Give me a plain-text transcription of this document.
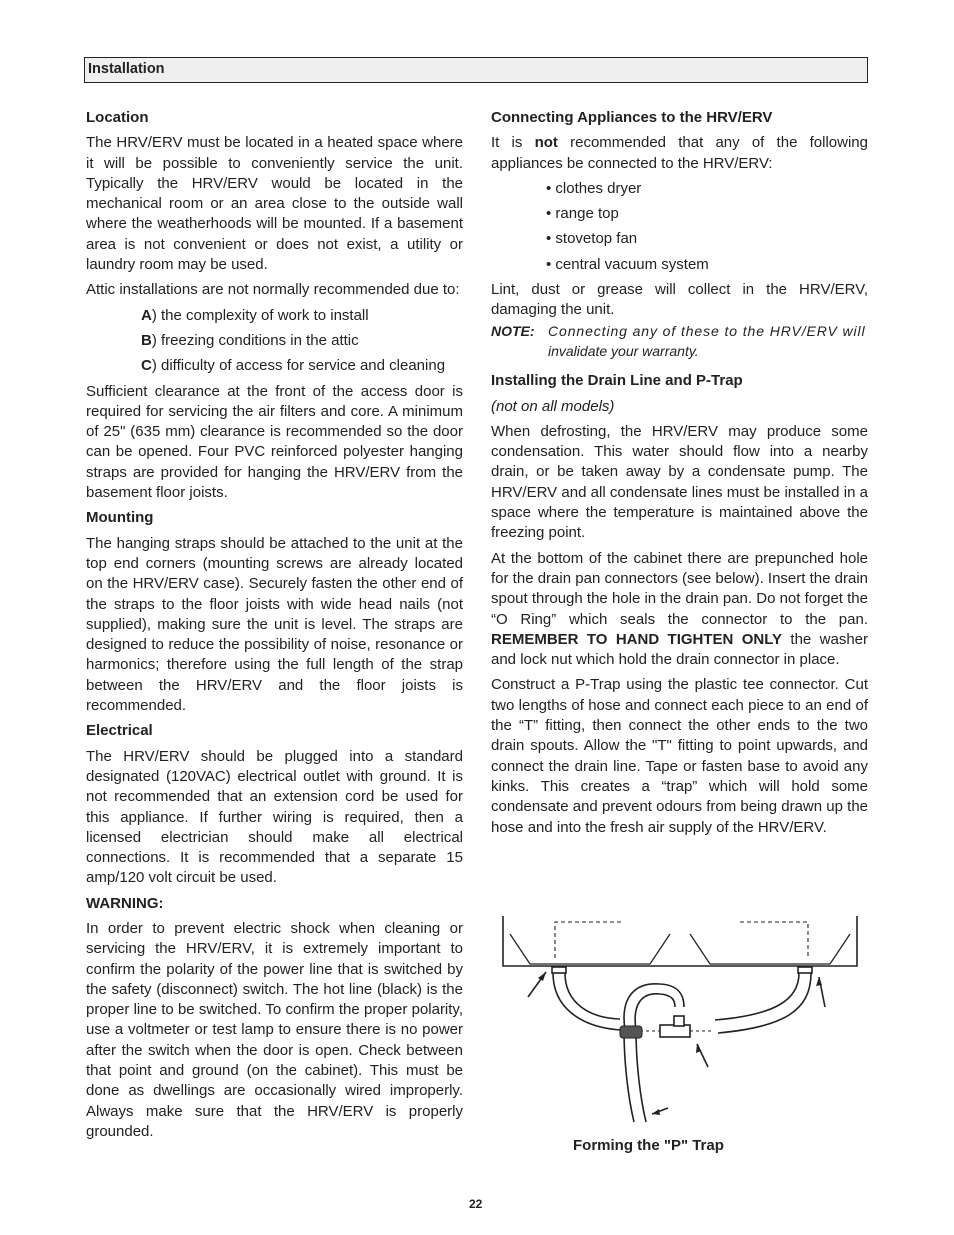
Installation

Location

The HRV/ERV must be located in a heated space where it will be possible to conveniently service the unit. Typically the HRV/ERV would be located in the mechanical room or an area close to the outside wall where the weatherhoods will be mounted. If a basement area is not convenient or does not exist, a utility or laundry room may be used.

Attic installations are not normally recommended due to:

A) the complexity of work to install
B) freezing conditions in the attic
C) difficulty of access for service and cleaning

Sufficient clearance at the front of the access door is required for servicing the air filters and core. A minimum of 25" (635 mm) clearance is recommended so the door can be opened. Four PVC reinforced polyester hanging straps are provided for hanging the HRV/ERV from the basement floor joists.

Mounting

The hanging straps should be attached to the unit at the top end corners (mounting screws are already located on the HRV/ERV case). Securely fasten the other end of the straps to the floor joists with wide head nails (not supplied), making sure the unit is level. The straps are designed to reduce the possibility of noise, resonance or harmonics; therefore using the full length of the strap between the HRV/ERV and the floor joists is recommended.

Electrical

The HRV/ERV should be plugged into a standard designated (120VAC) electrical outlet with ground. It is not recommended that an extension cord be used for this appliance. If further wiring is required, then a licensed electrician should make all electrical connections. It is recommended that a separate 15 amp/120 volt circuit be used.

WARNING:

In order to prevent electric shock when cleaning or servicing the HRV/ERV, it is extremely important to confirm the polarity of the power line that is switched by the safety (disconnect) switch. The hot line (black) is the proper line to be switched. To confirm the proper polarity, use a voltmeter or test lamp to ensure there is no power after the switch when the door is open. Check between that point and ground (on the cabinet). This must be done as dwellings are occasionally wired improperly. Always make sure that the HRV/ERV is properly grounded.

Connecting Appliances to the HRV/ERV

It is not recommended that any of the following appliances be connected to the HRV/ERV:

• clothes dryer
• range top
• stovetop fan
• central vacuum system

Lint, dust or grease will collect in the HRV/ERV, damaging the unit.

NOTE: Connecting any of these to the HRV/ERV will
invalidate your warranty.

Installing the Drain Line and P-Trap

(not on all models)

When defrosting, the HRV/ERV may produce some condensation. This water should flow into a nearby drain, or be taken away by a condensate pump. The HRV/ERV and all condensate lines must be installed in a space where the temperature is maintained above the freezing point.

At the bottom of the cabinet there are prepunched hole for the drain pan connectors (see below). Insert the drain spout through the hole in the drain pan. Do not forget the “O Ring” which seals the connector to the pan. REMEMBER TO HAND TIGHTEN ONLY the washer and lock nut which hold the drain connector in place.

Construct a P-Trap using the plastic tee connector. Cut two lengths of hose and connect each piece to an end of the “T” fitting, then connect the other ends to the two drain spouts. Allow the "T" fitting to point upwards, and connect the drain line. Tape or fasten base to avoid any kinks. This creates a “trap” which will hold some condensate and prevent odours from being drawn up the hose and into the fresh air supply of the HRV/ERV.

Forming the "P" Trap
22
